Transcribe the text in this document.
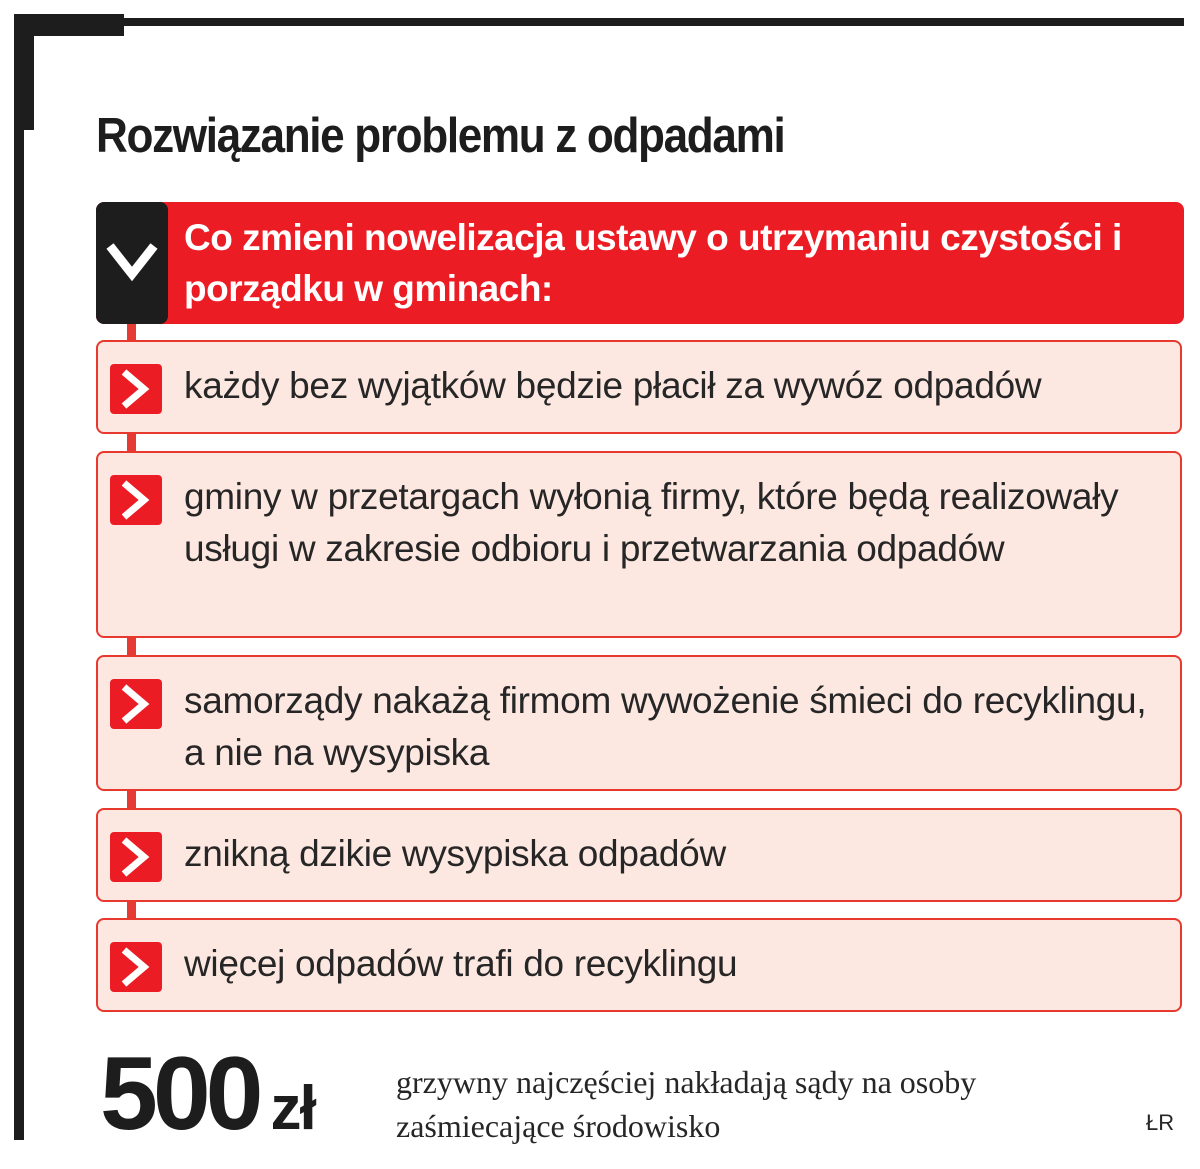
Rozwiązanie problemu z odpadami

Co zmieni nowelizacja ustawy o utrzymaniu czystości i porządku w gminach:

każdy bez wyjątków będzie płacił za wywóz odpadów

gminy w przetargach wyłonią firmy, które będą realizowały usługi w zakresie odbioru i przetwarzania odpadów

samorządy nakażą firmom wywożenie śmieci do recyklingu, a nie na wysypiska

znikną dzikie wysypiska odpadów

więcej odpadów trafi do recyklingu

500 zł	grzywny najczęściej nakładają sądy na osoby zaśmiecające środowisko	ŁR
